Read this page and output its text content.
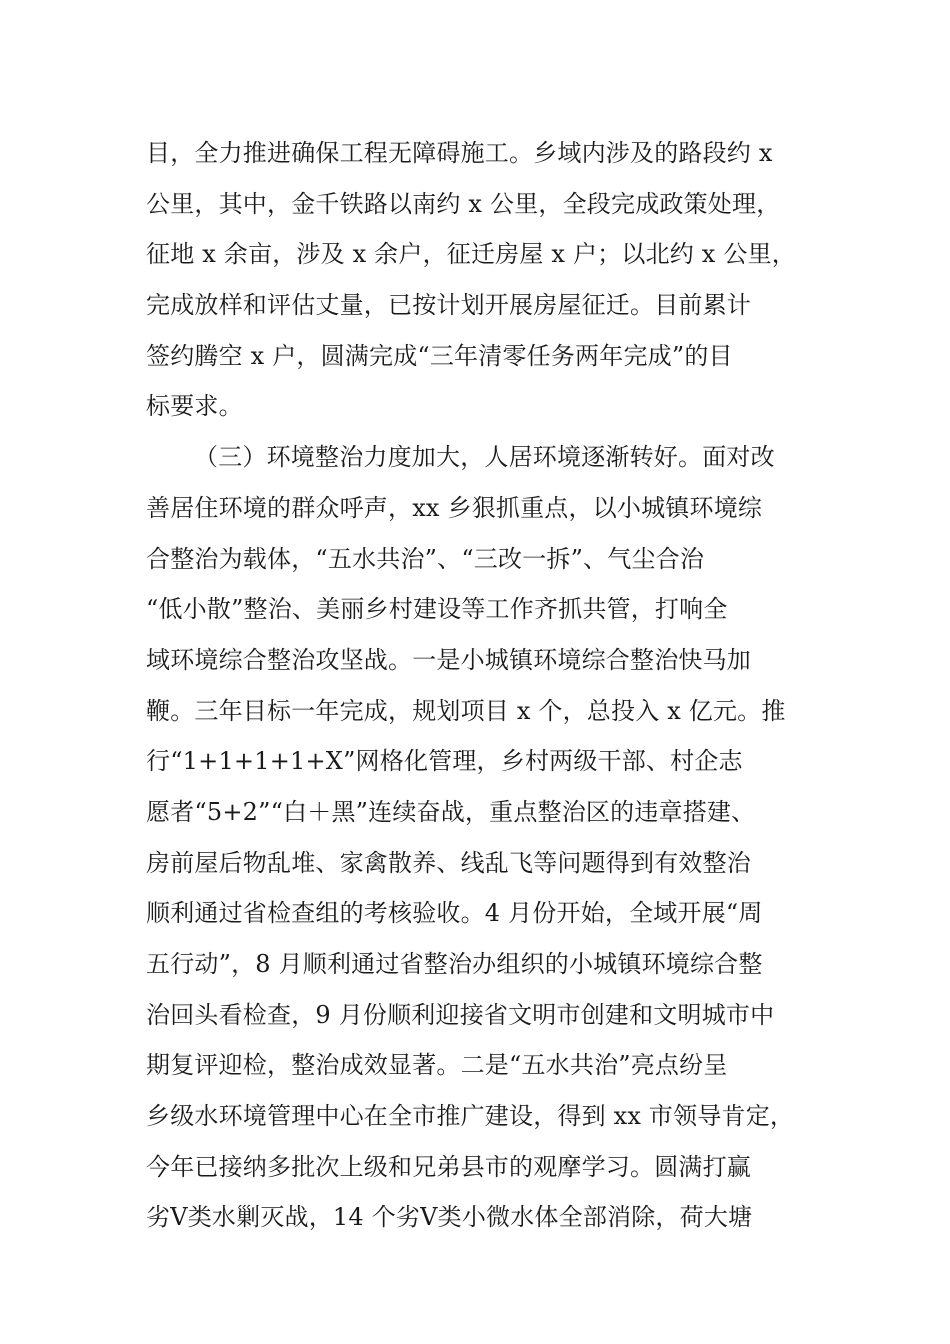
目，全力推进确保工程无障碍施工。乡域内涉及的路段约 x
公里，其中，金千铁路以南约 x 公里，全段完成政策处理，
征地 x 余亩，涉及 x 余户，征迁房屋 x 户；以北约 x 公里，
完成放样和评估丈量，已按计划开展房屋征迁。目前累计
签约腾空 x 户，圆满完成“三年清零任务两年完成”的目
标要求。
（三）环境整治力度加大，人居环境逐渐转好。面对改
善居住环境的群众呼声，xx 乡狠抓重点，以小城镇环境综
合整治为载体，“五水共治”、“三改一拆”、气尘合治
“低小散”整治、美丽乡村建设等工作齐抓共管，打响全
域环境综合整治攻坚战。一是小城镇环境综合整治快马加
鞭。三年目标一年完成，规划项目 x 个，总投入 x 亿元。推
行“1+1+1+1+X”网格化管理，乡村两级干部、村企志
愿者“5+2”“白＋黑”连续奋战，重点整治区的违章搭建、
房前屋后物乱堆、家禽散养、线乱飞等问题得到有效整治
顺利通过省检查组的考核验收。4 月份开始，全域开展“周
五行动”，8 月顺利通过省整治办组织的小城镇环境综合整
治回头看检查，9 月份顺利迎接省文明市创建和文明城市中
期复评迎检，整治成效显著。二是“五水共治”亮点纷呈
乡级水环境管理中心在全市推广建设，得到 xx 市领导肯定，
今年已接纳多批次上级和兄弟县市的观摩学习。圆满打赢
劣Ⅴ类水剿灭战，14 个劣Ⅴ类小微水体全部消除，荷大塘
